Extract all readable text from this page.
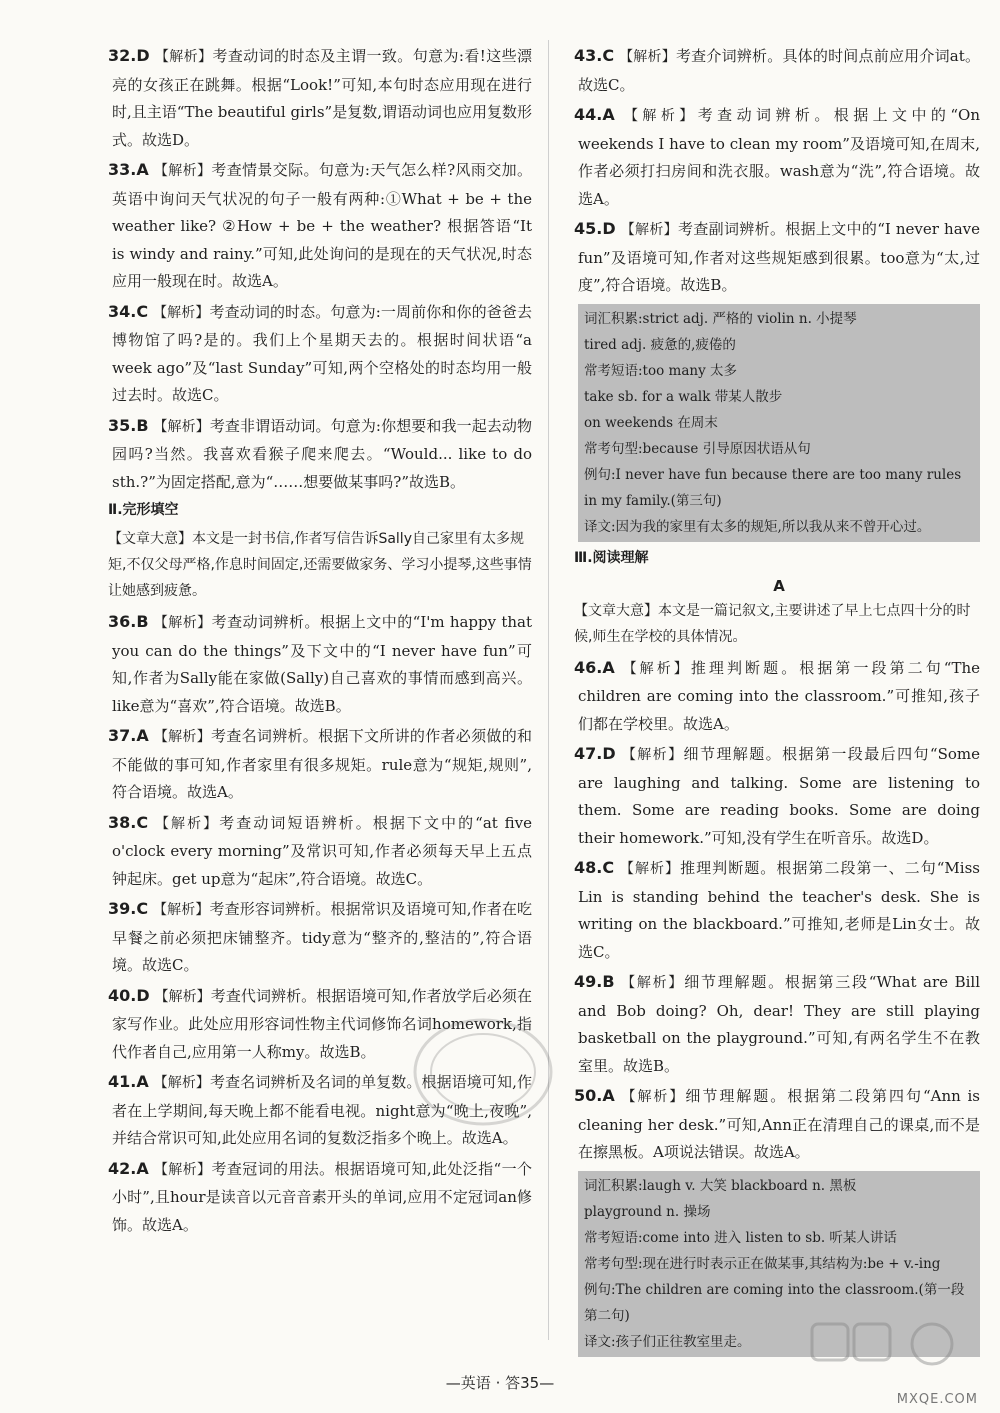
32.D 【解析】考查动词的时态及主谓一致。句意为:看!这些漂亮的女孩正在跳舞。根据“Look!”可知,本句时态应用现在进行时,且主语“The beautiful girls”是复数,谓语动词也应用复数形式。故选D。
33.A 【解析】考查情景交际。句意为:天气怎么样?风雨交加。英语中询问天气状况的句子一般有两种:①What + be + the weather like? ②How + be + the weather? 根据答语“It is windy and rainy.”可知,此处询问的是现在的天气状况,时态应用一般现在时。故选A。
34.C 【解析】考查动词的时态。句意为:一周前你和你的爸爸去博物馆了吗?是的。我们上个星期天去的。根据时间状语“a week ago”及“last Sunday”可知,两个空格处的时态均用一般过去时。故选C。
35.B 【解析】考查非谓语动词。句意为:你想要和我一起去动物园吗?当然。我喜欢看猴子爬来爬去。“Would... like to do sth.?”为固定搭配,意为“……想要做某事吗?”故选B。
Ⅱ.完形填空
【文章大意】本文是一封书信,作者写信告诉Sally自己家里有太多规矩,不仅父母严格,作息时间固定,还需要做家务、学习小提琴,这些事情让她感到疲惫。
36.B 【解析】考查动词辨析。根据上文中的“I'm happy that you can do the things”及下文中的“I never have fun”可知,作者为Sally能在家做(Sally)自己喜欢的事情而感到高兴。like意为“喜欢”,符合语境。故选B。
37.A 【解析】考查名词辨析。根据下文所讲的作者必须做的和不能做的事可知,作者家里有很多规矩。rule意为“规矩,规则”,符合语境。故选A。
38.C 【解析】考查动词短语辨析。根据下文中的“at five o'clock every morning”及常识可知,作者必须每天早上五点钟起床。get up意为“起床”,符合语境。故选C。
39.C 【解析】考查形容词辨析。根据常识及语境可知,作者在吃早餐之前必须把床铺整齐。tidy意为“整齐的,整洁的”,符合语境。故选C。
40.D 【解析】考查代词辨析。根据语境可知,作者放学后必须在家写作业。此处应用形容词性物主代词修饰名词homework,指代作者自己,应用第一人称my。故选B。
41.A 【解析】考查名词辨析及名词的单复数。根据语境可知,作者在上学期间,每天晚上都不能看电视。night意为“晚上,夜晚”,并结合常识可知,此处应用名词的复数泛指多个晚上。故选A。
42.A 【解析】考查冠词的用法。根据语境可知,此处泛指“一个小时”,且hour是读音以元音音素开头的单词,应用不定冠词an修饰。故选A。
43.C 【解析】考查介词辨析。具体的时间点前应用介词at。故选C。
44.A 【解析】考查动词辨析。根据上文中的“On weekends I have to clean my room”及语境可知,在周末,作者必须打扫房间和洗衣服。wash意为“洗”,符合语境。故选A。
45.D 【解析】考查副词辨析。根据上文中的“I never have fun”及语境可知,作者对这些规矩感到很累。too意为“太,过度”,符合语境。故选B。
词汇积累:strict adj. 严格的 violin n. 小提琴
tired adj. 疲惫的,疲倦的
常考短语:too many 太多
take sb. for a walk 带某人散步
on weekends 在周末
常考句型:because 引导原因状语从句
例句:I never have fun because there are too many rules in my family.(第三句)
译文:因为我的家里有太多的规矩,所以我从来不曾开心过。
Ⅲ.阅读理解
A
【文章大意】本文是一篇记叙文,主要讲述了早上七点四十分的时候,师生在学校的具体情况。
46.A 【解析】推理判断题。根据第一段第二句“The children are coming into the classroom.”可推知,孩子们都在学校里。故选A。
47.D 【解析】细节理解题。根据第一段最后四句“Some are laughing and talking. Some are listening to them. Some are reading books. Some are doing their homework.”可知,没有学生在听音乐。故选D。
48.C 【解析】推理判断题。根据第二段第一、二句“Miss Lin is standing behind the teacher's desk. She is writing on the blackboard.”可推知,老师是Lin女士。故选C。
49.B 【解析】细节理解题。根据第三段“What are Bill and Bob doing? Oh, dear! They are still playing basketball on the playground.”可知,有两名学生不在教室里。故选B。
50.A 【解析】细节理解题。根据第二段第四句“Ann is cleaning her desk.”可知,Ann正在清理自己的课桌,而不是在擦黑板。A项说法错误。故选A。
词汇积累:laugh v. 大笑 blackboard n. 黑板
playground n. 操场
常考短语:come into 进入 listen to sb. 听某人讲话
常考句型:现在进行时表示正在做某事,其结构为:be + v.-ing
例句:The children are coming into the classroom.(第一段第二句)
译文:孩子们正往教室里走。
—英语 · 答35—
MXQE.COM
